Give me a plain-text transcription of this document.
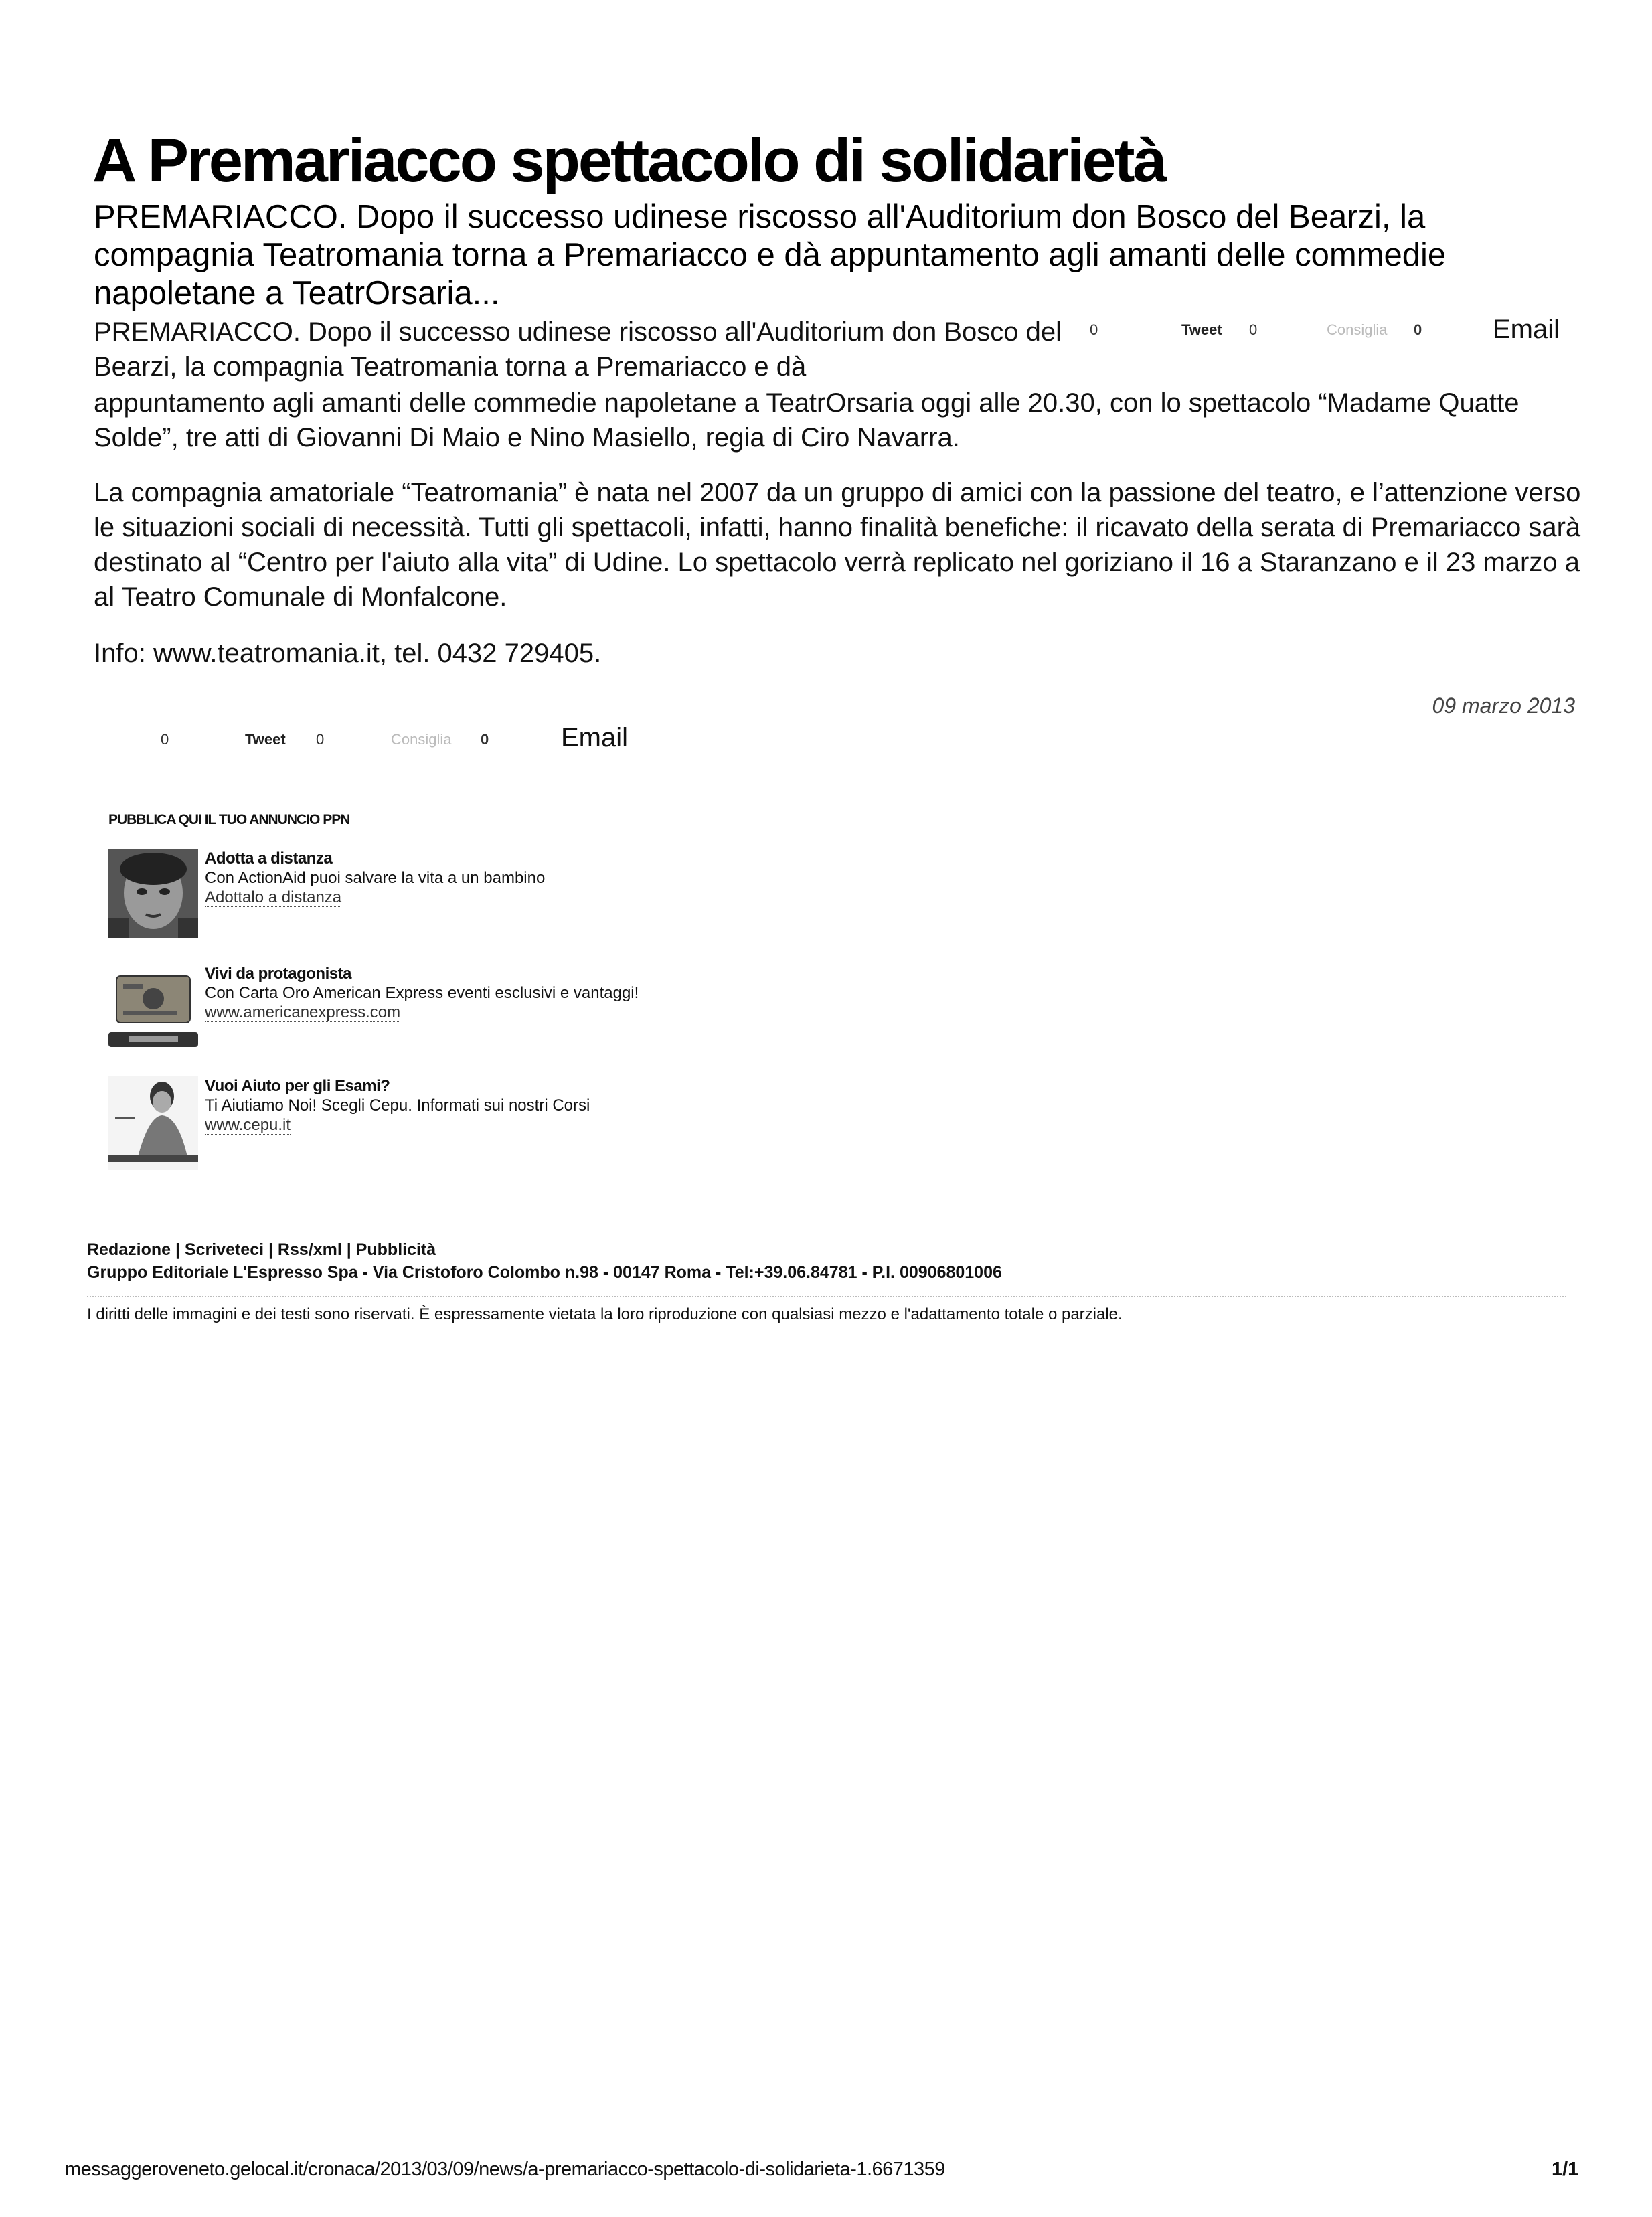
A Premariacco spettacolo di solidarietà
PREMARIACCO. Dopo il successo udinese riscosso all'Auditorium don Bosco del Bearzi, la compagnia Teatromania torna a Premariacco e dà appuntamento agli amanti delle commedie napoletane a TeatrOrsaria...
PREMARIACCO. Dopo il successo udinese riscosso all'Auditorium don Bosco del Bearzi, la compagnia Teatromania torna a Premariacco e dà
0	Tweet 0	Consiglia 0	Email
appuntamento agli amanti delle commedie napoletane a TeatrOrsaria oggi alle 20.30, con lo spettacolo “Madame Quatte Solde”, tre atti di Giovanni Di Maio e Nino Masiello, regia di Ciro Navarra.
La compagnia amatoriale “Teatromania” è nata nel 2007 da un gruppo di amici con la passione del teatro, e l’attenzione verso le situazioni sociali di necessità. Tutti gli spettacoli, infatti, hanno finalità benefiche: il ricavato della serata di Premariacco sarà destinato al “Centro per l'aiuto alla vita” di Udine. Lo spettacolo verrà replicato nel goriziano il 16 a Staranzano e il 23 marzo a al Teatro Comunale di Monfalcone.
Info: www.teatromania.it, tel. 0432 729405.
09 marzo 2013
0	Tweet 0	Consiglia 0	Email
PUBBLICA QUI IL TUO ANNUNCIO PPN
Adotta a distanza
Con ActionAid puoi salvare la vita a un bambino
Adottalo a distanza
Vivi da protagonista
Con Carta Oro American Express eventi esclusivi e vantaggi!
www.americanexpress.com
Vuoi Aiuto per gli Esami?
Ti Aiutiamo Noi! Scegli Cepu. Informati sui nostri Corsi
www.cepu.it
Redazione | Scriveteci | Rss/xml | Pubblicità
Gruppo Editoriale L'Espresso Spa - Via Cristoforo Colombo n.98 - 00147 Roma - Tel:+39.06.84781 - P.I. 00906801006
I diritti delle immagini e dei testi sono riservati. È espressamente vietata la loro riproduzione con qualsiasi mezzo e l'adattamento totale o parziale.
messaggeroveneto.gelocal.it/cronaca/2013/03/09/news/a-premariacco-spettacolo-di-solidarieta-1.6671359	1/1
